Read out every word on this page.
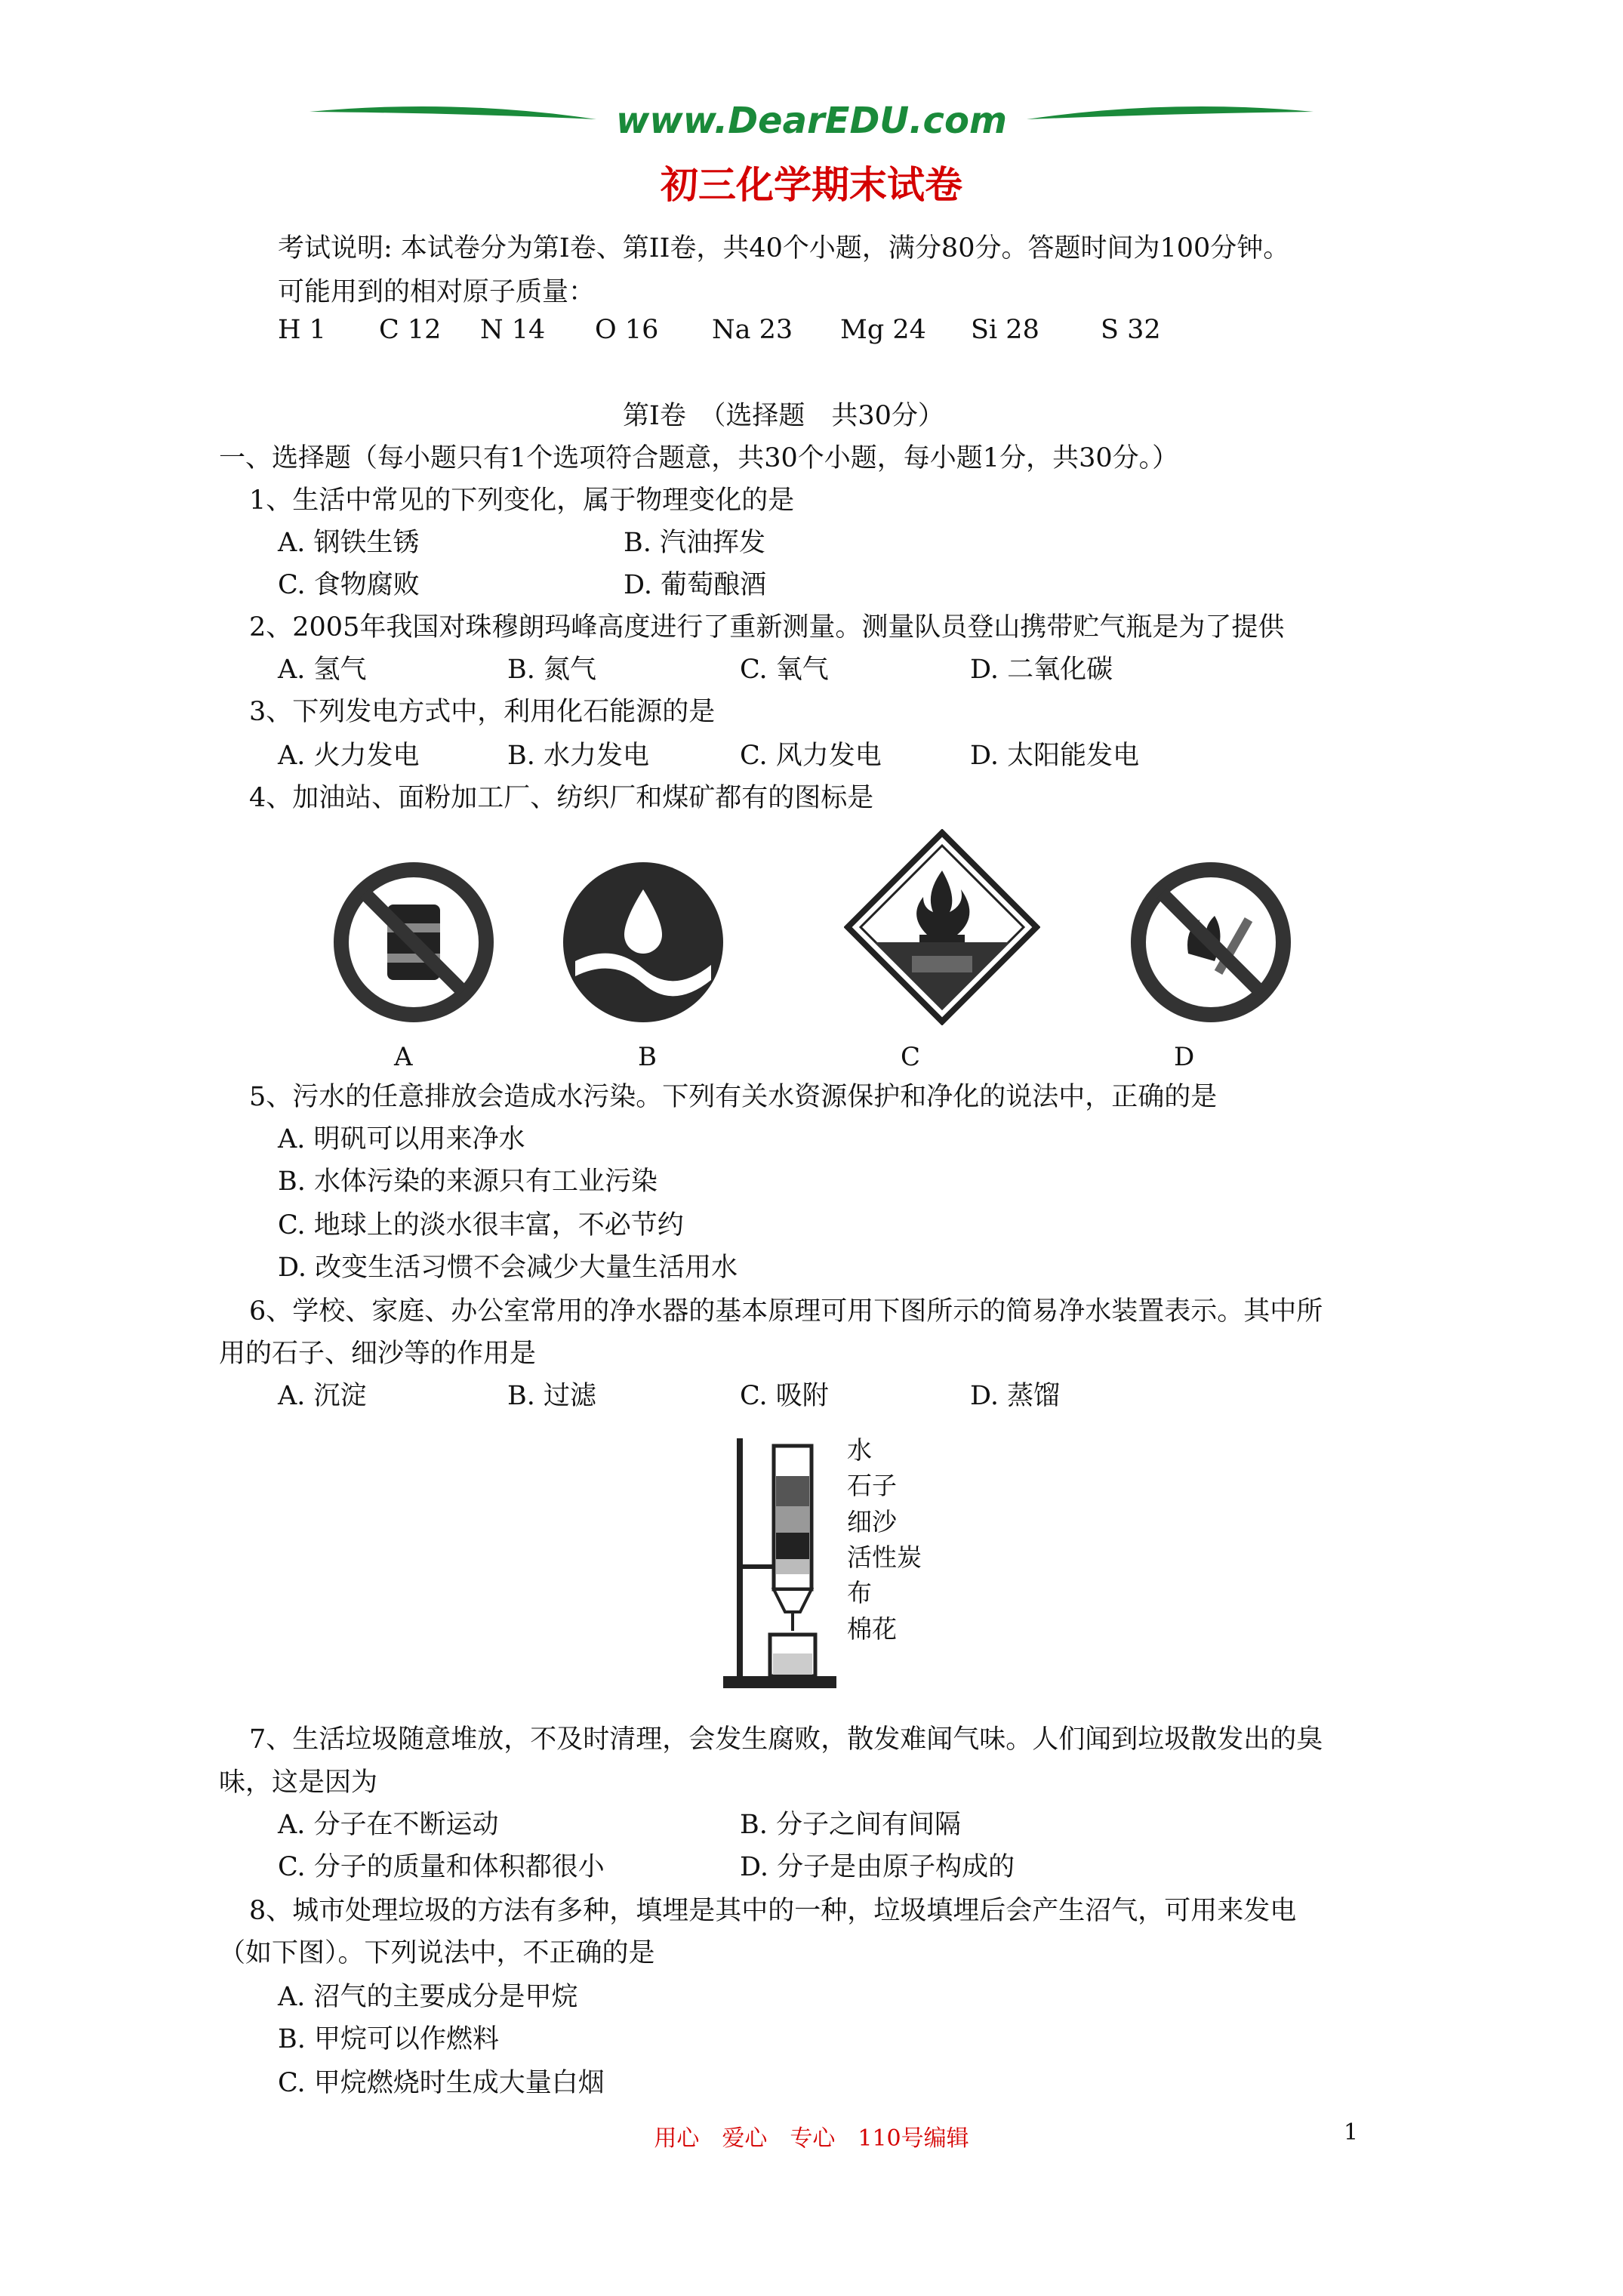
www.DearEDU.com
初三化学期末试卷
考试说明: 本试卷分为第Ⅰ卷、第II卷，共40个小题，满分80分。答题时间为100分钟。
可能用到的相对原子质量：
H 1 C 12 N 14 O 16 Na 23 Mg 24 Si 28 S 32
第Ⅰ卷　（选择题　共30分）
一、选择题（每小题只有1个选项符合题意，共30个小题，每小题1分，共30分。）
1、生活中常见的下列变化，属于物理变化的是
A. 钢铁生锈	B. 汽油挥发
C. 食物腐败	D. 葡萄酿酒
2、2005年我国对珠穆朗玛峰高度进行了重新测量。测量队员登山携带贮气瓶是为了提供
A. 氢气	B. 氮气	C. 氧气	D. 二氧化碳
3、下列发电方式中，利用化石能源的是
A. 火力发电	B. 水力发电	C. 风力发电	D. 太阳能发电
4、加油站、面粉加工厂、纺织厂和煤矿都有的图标是
A	B	C	D
5、污水的任意排放会造成水污染。下列有关水资源保护和净化的说法中，正确的是
A. 明矾可以用来净水
B. 水体污染的来源只有工业污染
C. 地球上的淡水很丰富，不必节约
D. 改变生活习惯不会减少大量生活用水
6、学校、家庭、办公室常用的净水器的基本原理可用下图所示的简易净水装置表示。其中所
用的石子、细沙等的作用是
A. 沉淀	B. 过滤	C. 吸附	D. 蒸馏
水
石子
细沙
活性炭
布
棉花
7、生活垃圾随意堆放，不及时清理，会发生腐败，散发难闻气味。人们闻到垃圾散发出的臭
味，这是因为
A. 分子在不断运动	B. 分子之间有间隔
C. 分子的质量和体积都很小	D. 分子是由原子构成的
8、城市处理垃圾的方法有多种，填埋是其中的一种，垃圾填埋后会产生沼气，可用来发电
（如下图）。下列说法中，不正确的是
A. 沼气的主要成分是甲烷
B. 甲烷可以作燃料
C. 甲烷燃烧时生成大量白烟
用心　爱心　专心　110号编辑	1
